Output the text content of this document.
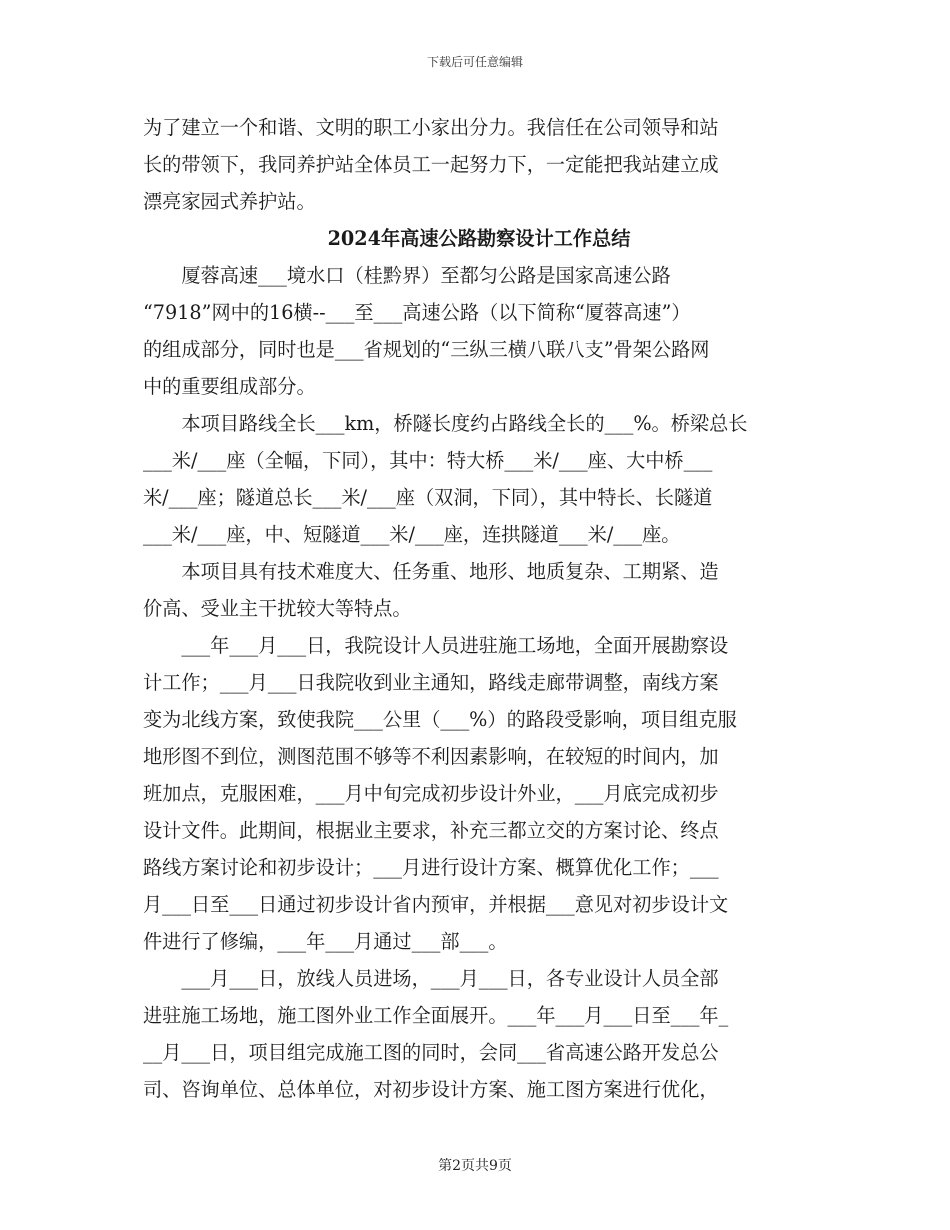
下载后可任意编辑
为了建立一个和谐、文明的职工小家出分力。我信任在公司领导和站
长的带领下，我同养护站全体员工一起努力下，一定能把我站建立成
漂亮家园式养护站。
2024年高速公路勘察设计工作总结
　　厦蓉高速___境水口（桂黔界）至都匀公路是国家高速公路
“7918”网中的16横--___至___高速公路（以下简称“厦蓉高速”）
的组成部分，同时也是___省规划的“三纵三横八联八支”骨架公路网
中的重要组成部分。
　　本项目路线全长___km，桥隧长度约占路线全长的___%。桥梁总长
___米/___座（全幅，下同），其中：特大桥___米/___座、大中桥___
米/___座；隧道总长___米/___座（双洞，下同），其中特长、长隧道
___米/___座，中、短隧道___米/___座，连拱隧道___米/___座。
　　本项目具有技术难度大、任务重、地形、地质复杂、工期紧、造
价高、受业主干扰较大等特点。
　　___年___月___日，我院设计人员进驻施工场地，全面开展勘察设
计工作；___月___日我院收到业主通知，路线走廊带调整，南线方案
变为北线方案，致使我院___公里（___%）的路段受影响，项目组克服
地形图不到位，测图范围不够等不利因素影响，在较短的时间内，加
班加点，克服困难，___月中旬完成初步设计外业，___月底完成初步
设计文件。此期间，根据业主要求，补充三都立交的方案讨论、终点
路线方案讨论和初步设计；___月进行设计方案、概算优化工作；___
月___日至___日通过初步设计省内预审，并根据___意见对初步设计文
件进行了修编，___年___月通过___部___。
　　___月___日，放线人员进场，___月___日，各专业设计人员全部
进驻施工场地，施工图外业工作全面展开。___年___月___日至___年_
__月___日，项目组完成施工图的同时，会同___省高速公路开发总公
司、咨询单位、总体单位，对初步设计方案、施工图方案进行优化，
第2页共9页
